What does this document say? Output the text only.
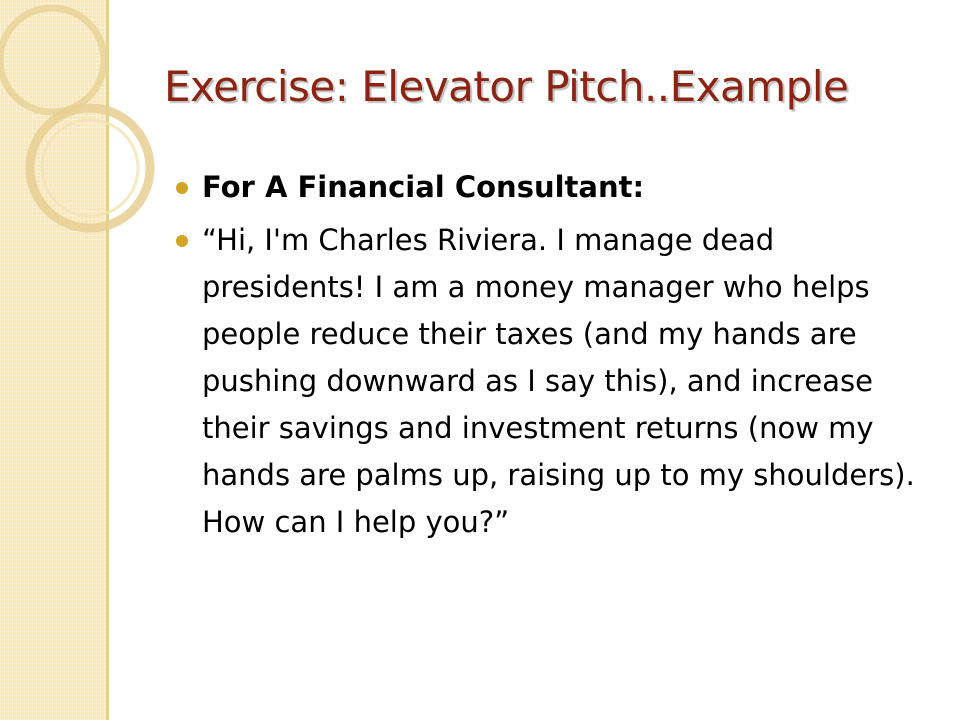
Exercise: Elevator Pitch..Example
For A Financial Consultant:
“Hi, I'm Charles Riviera. I manage dead presidents! I am a money manager who helps people reduce their taxes (and my hands are pushing downward as I say this), and increase their savings and investment returns (now my hands are palms up, raising up to my shoulders). How can I help you?”
